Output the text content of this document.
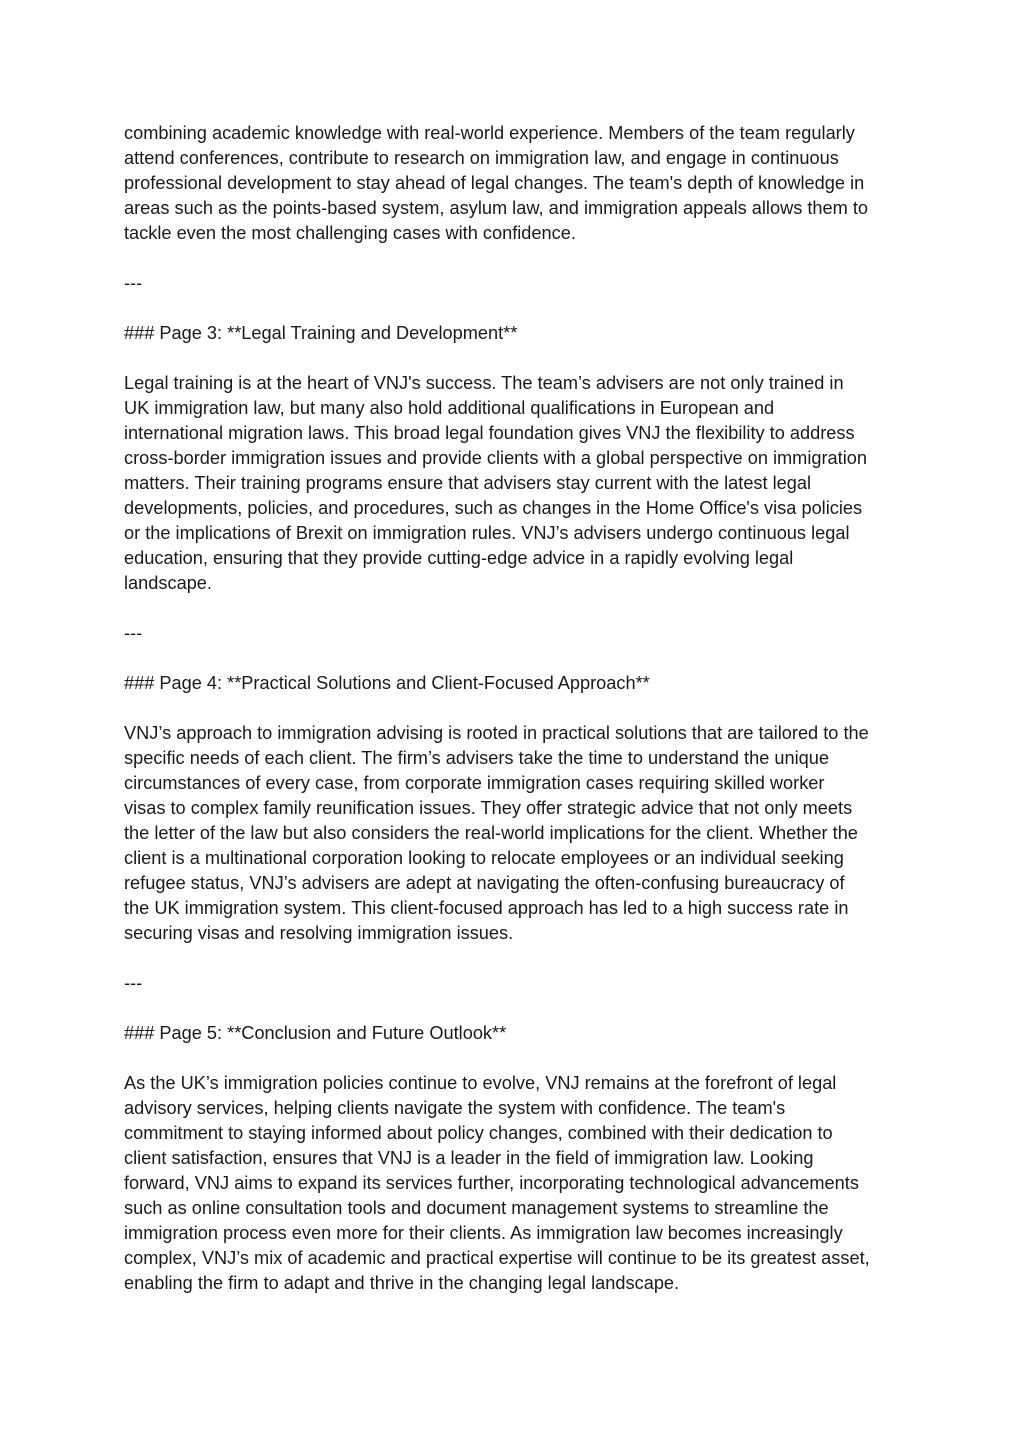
combining academic knowledge with real-world experience. Members of the team regularly
attend conferences, contribute to research on immigration law, and engage in continuous
professional development to stay ahead of legal changes. The team's depth of knowledge in
areas such as the points-based system, asylum law, and immigration appeals allows them to
tackle even the most challenging cases with confidence.

---
### Page 3: **Legal Training and Development**

Legal training is at the heart of VNJ's success. The team’s advisers are not only trained in
UK immigration law, but many also hold additional qualifications in European and
international migration laws. This broad legal foundation gives VNJ the flexibility to address
cross-border immigration issues and provide clients with a global perspective on immigration
matters. Their training programs ensure that advisers stay current with the latest legal
developments, policies, and procedures, such as changes in the Home Office's visa policies
or the implications of Brexit on immigration rules. VNJ’s advisers undergo continuous legal
education, ensuring that they provide cutting-edge advice in a rapidly evolving legal
landscape.

---
### Page 4: **Practical Solutions and Client-Focused Approach**

VNJ’s approach to immigration advising is rooted in practical solutions that are tailored to the
specific needs of each client. The firm’s advisers take the time to understand the unique
circumstances of every case, from corporate immigration cases requiring skilled worker
visas to complex family reunification issues. They offer strategic advice that not only meets
the letter of the law but also considers the real-world implications for the client. Whether the
client is a multinational corporation looking to relocate employees or an individual seeking
refugee status, VNJ’s advisers are adept at navigating the often-confusing bureaucracy of
the UK immigration system. This client-focused approach has led to a high success rate in
securing visas and resolving immigration issues.

---
### Page 5: **Conclusion and Future Outlook**

As the UK’s immigration policies continue to evolve, VNJ remains at the forefront of legal
advisory services, helping clients navigate the system with confidence. The team's
commitment to staying informed about policy changes, combined with their dedication to
client satisfaction, ensures that VNJ is a leader in the field of immigration law. Looking
forward, VNJ aims to expand its services further, incorporating technological advancements
such as online consultation tools and document management systems to streamline the
immigration process even more for their clients. As immigration law becomes increasingly
complex, VNJ’s mix of academic and practical expertise will continue to be its greatest asset,
enabling the firm to adapt and thrive in the changing legal landscape.
